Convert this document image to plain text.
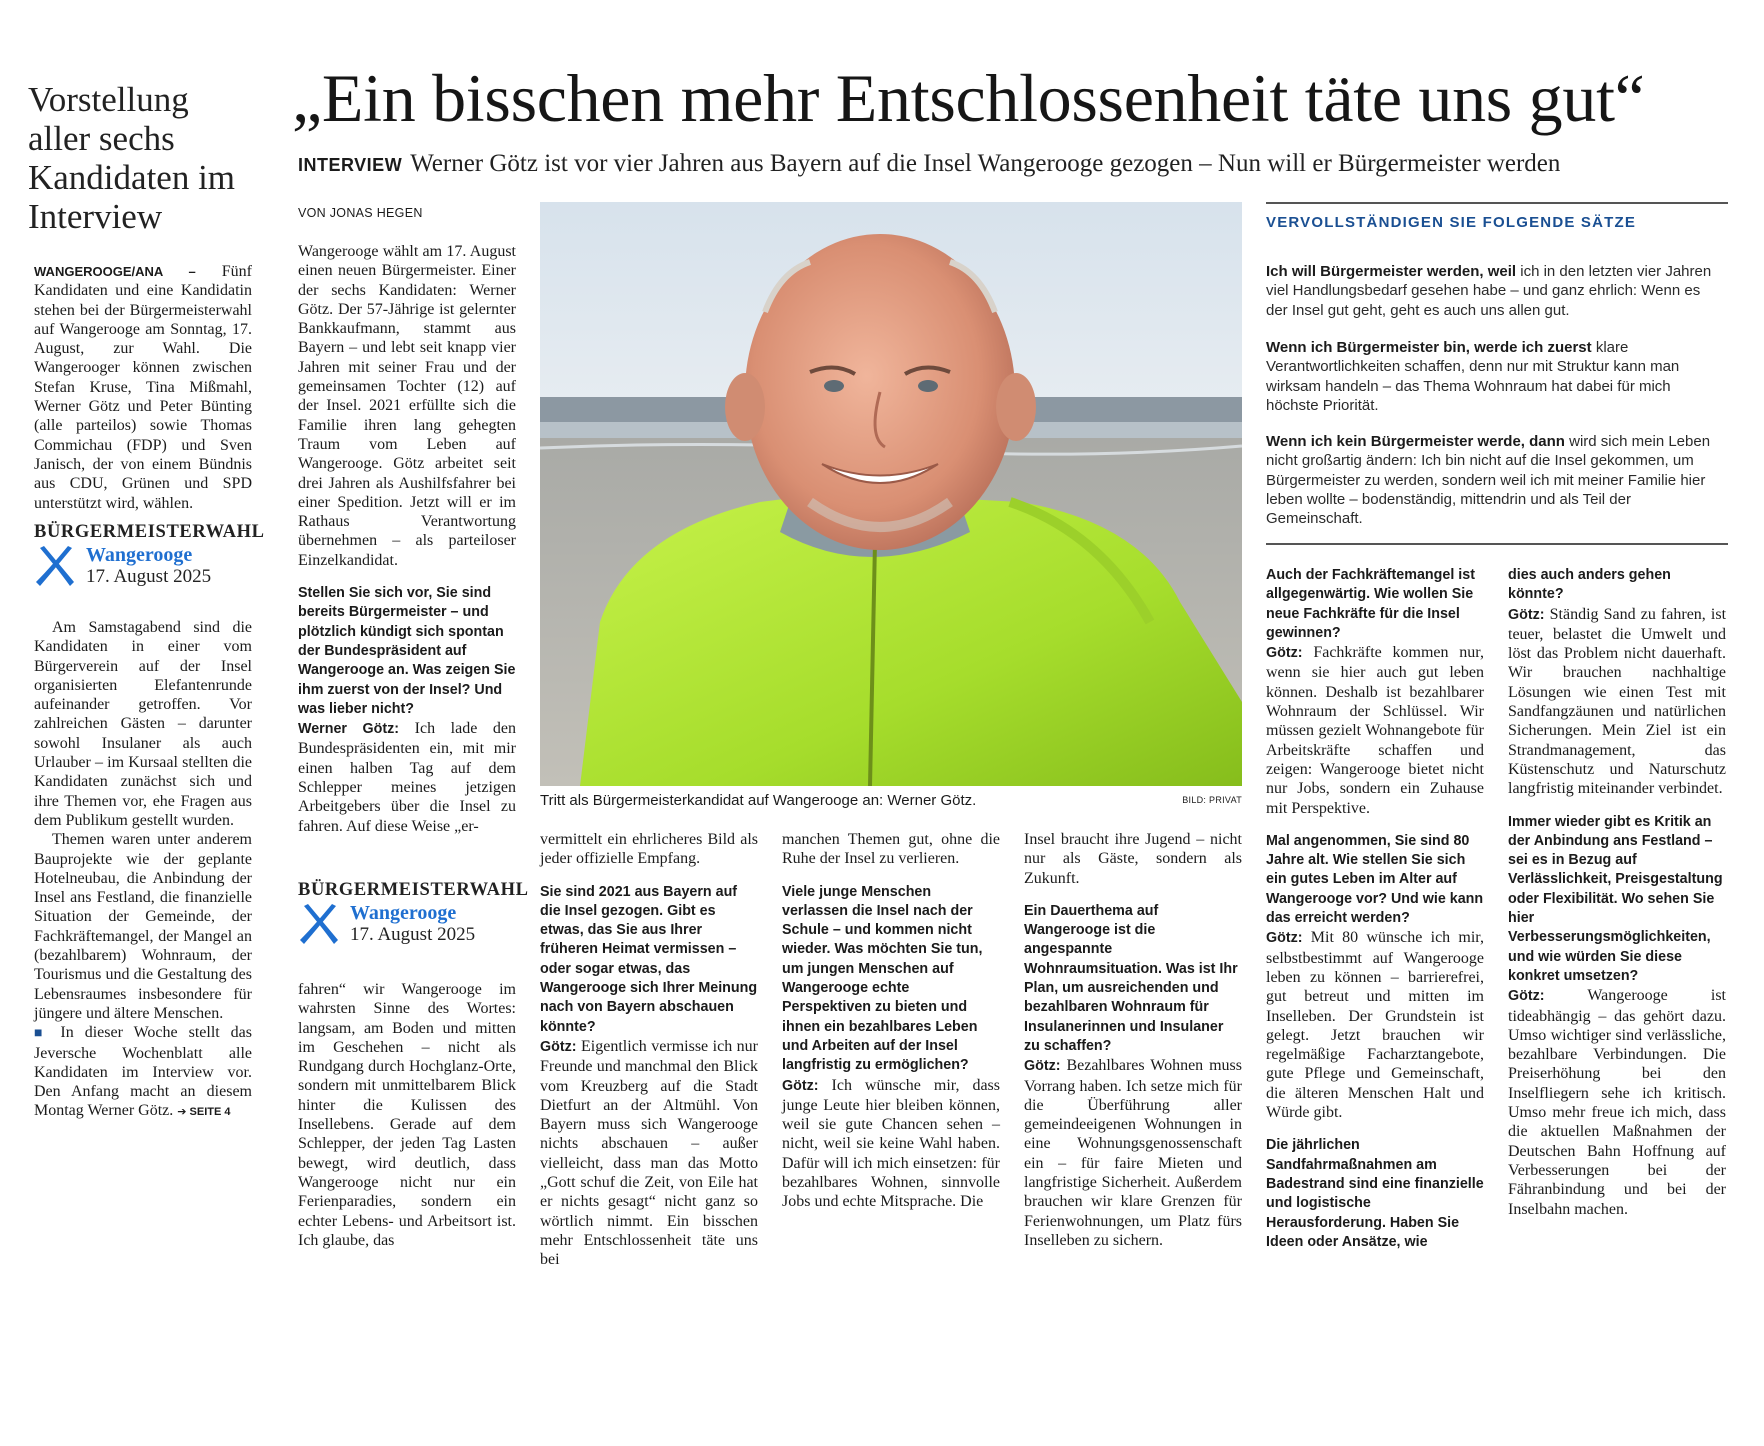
Vorstellung aller sechs Kandidaten im Interview

WANGEROOGE/ANA – Fünf Kandidaten und eine Kandidatin stehen bei der Bürgermeisterwahl auf Wangerooge am Sonntag, 17. August, zur Wahl. Die Wangerooger können zwischen Stefan Kruse, Tina Mißmahl, Werner Götz und Peter Bünting (alle parteilos) sowie Thomas Commichau (FDP) und Sven Janisch, der von einem Bündnis aus CDU, Grünen und SPD unterstützt wird, wählen.

BÜRGERMEISTERWAHL
Wangerooge
17. August 2025

Am Samstagabend sind die Kandidaten in einer vom Bürgerverein auf der Insel organisierten Elefantenrunde aufeinander getroffen. Vor zahlreichen Gästen – darunter sowohl Insulaner als auch Urlauber – im Kursaal stellten die Kandidaten zunächst sich und ihre Themen vor, ehe Fragen aus dem Publikum gestellt wurden.

Themen waren unter anderem Bauprojekte wie der geplante Hotelneubau, die Anbindung der Insel ans Festland, die finanzielle Situation der Gemeinde, der Fachkräftemangel, der Mangel an (bezahlbarem) Wohnraum, der Tourismus und die Gestaltung des Lebensraumes insbesondere für jüngere und ältere Menschen.

■ In dieser Woche stellt das Jeversche Wochenblatt alle Kandidaten im Interview vor. Den Anfang macht an diesem Montag Werner Götz. ➔ SEITE 4

„Ein bisschen mehr Entschlossenheit täte uns gut“
INTERVIEW Werner Götz ist vor vier Jahren aus Bayern auf die Insel Wangerooge gezogen – Nun will er Bürgermeister werden
VON JONAS HEGEN

Wangerooge wählt am 17. August einen neuen Bürgermeister. Einer der sechs Kandidaten: Werner Götz. Der 57-Jährige ist gelernter Bankkaufmann, stammt aus Bayern – und lebt seit knapp vier Jahren mit seiner Frau und der gemeinsamen Tochter (12) auf der Insel. 2021 erfüllte sich die Familie ihren lang gehegten Traum vom Leben auf Wangerooge. Götz arbeitet seit drei Jahren als Aushilfsfahrer bei einer Spedition. Jetzt will er im Rathaus Verantwortung übernehmen – als parteiloser Einzelkandidat.

Stellen Sie sich vor, Sie sind bereits Bürgermeister – und plötzlich kündigt sich spontan der Bundespräsident auf Wangerooge an. Was zeigen Sie ihm zuerst von der Insel? Und was lieber nicht?

Werner Götz: Ich lade den Bundespräsidenten ein, mit mir einen halben Tag auf dem Schlepper meines jetzigen Arbeitgebers über die Insel zu fahren. Auf diese Weise „er-

BÜRGERMEISTERWAHL
Wangerooge
17. August 2025

fahren“ wir Wangerooge im wahrsten Sinne des Wortes: langsam, am Boden und mitten im Geschehen – nicht als Rundgang durch Hochglanz-Orte, sondern mit unmittelbarem Blick hinter die Kulissen des Insellebens. Gerade auf dem Schlepper, der jeden Tag Lasten bewegt, wird deutlich, dass Wangerooge nicht nur ein Ferienparadies, sondern ein echter Lebens- und Arbeitsort ist. Ich glaube, das

Tritt als Bürgermeisterkandidat auf Wangerooge an: Werner Götz.	BILD: PRIVAT

vermittelt ein ehrlicheres Bild als jeder offizielle Empfang.

Sie sind 2021 aus Bayern auf die Insel gezogen. Gibt es etwas, das Sie aus Ihrer früheren Heimat vermissen – oder sogar etwas, das Wangerooge sich Ihrer Meinung nach von Bayern abschauen könnte?

Götz: Eigentlich vermisse ich nur Freunde und manchmal den Blick vom Kreuzberg auf die Stadt Dietfurt an der Altmühl. Von Bayern muss sich Wangerooge nichts abschauen – außer vielleicht, dass man das Motto „Gott schuf die Zeit, von Eile hat er nichts gesagt“ nicht ganz so wörtlich nimmt. Ein bisschen mehr Entschlossenheit täte uns bei

manchen Themen gut, ohne die Ruhe der Insel zu verlieren.

Viele junge Menschen verlassen die Insel nach der Schule – und kommen nicht wieder. Was möchten Sie tun, um jungen Menschen auf Wangerooge echte Perspektiven zu bieten und ihnen ein bezahlbares Leben und Arbeiten auf der Insel langfristig zu ermöglichen?

Götz: Ich wünsche mir, dass junge Leute hier bleiben können, weil sie gute Chancen sehen – nicht, weil sie keine Wahl haben. Dafür will ich mich einsetzen: für bezahlbares Wohnen, sinnvolle Jobs und echte Mitsprache. Die

Insel braucht ihre Jugend – nicht nur als Gäste, sondern als Zukunft.

Ein Dauerthema auf Wangerooge ist die angespannte Wohnraumsituation. Was ist Ihr Plan, um ausreichenden und bezahlbaren Wohnraum für Insulanerinnen und Insulaner zu schaffen?

Götz: Bezahlbares Wohnen muss Vorrang haben. Ich setze mich für die Überführung aller gemeindeeigenen Wohnungen in eine Wohnungsgenossenschaft ein – für faire Mieten und langfristige Sicherheit. Außerdem brauchen wir klare Grenzen für Ferienwohnungen, um Platz fürs Inselleben zu sichern.

VERVOLLSTÄNDIGEN SIE FOLGENDE SÄTZE
Ich will Bürgermeister werden, weil ich in den letzten vier Jahren viel Handlungsbedarf gesehen habe – und ganz ehrlich: Wenn es der Insel gut geht, geht es auch uns allen gut.
Wenn ich Bürgermeister bin, werde ich zuerst klare Verantwortlichkeiten schaffen, denn nur mit Struktur kann man wirksam handeln – das Thema Wohnraum hat dabei für mich höchste Priorität.
Wenn ich kein Bürgermeister werde, dann wird sich mein Leben nicht großartig ändern: Ich bin nicht auf die Insel gekommen, um Bürgermeister zu werden, sondern weil ich mit meiner Familie hier leben wollte – bodenständig, mittendrin und als Teil der Gemeinschaft.

Auch der Fachkräftemangel ist allgegenwärtig. Wie wollen Sie neue Fachkräfte für die Insel gewinnen?

Götz: Fachkräfte kommen nur, wenn sie hier auch gut leben können. Deshalb ist bezahlbarer Wohnraum der Schlüssel. Wir müssen gezielt Wohnangebote für Arbeitskräfte schaffen und zeigen: Wangerooge bietet nicht nur Jobs, sondern ein Zuhause mit Perspektive.

Mal angenommen, Sie sind 80 Jahre alt. Wie stellen Sie sich ein gutes Leben im Alter auf Wangerooge vor? Und wie kann das erreicht werden?

Götz: Mit 80 wünsche ich mir, selbstbestimmt auf Wangerooge leben zu können – barrierefrei, gut betreut und mitten im Inselleben. Der Grundstein ist gelegt. Jetzt brauchen wir regelmäßige Facharztangebote, gute Pflege und Gemeinschaft, die älteren Menschen Halt und Würde gibt.

Die jährlichen Sandfahrmaßnahmen am Badestrand sind eine finanzielle und logistische Herausforderung. Haben Sie Ideen oder Ansätze, wie

dies auch anders gehen könnte?

Götz: Ständig Sand zu fahren, ist teuer, belastet die Umwelt und löst das Problem nicht dauerhaft. Wir brauchen nachhaltige Lösungen wie einen Test mit Sandfangzäunen und natürlichen Sicherungen. Mein Ziel ist ein Strandmanagement, das Küstenschutz und Naturschutz langfristig miteinander verbindet.

Immer wieder gibt es Kritik an der Anbindung ans Festland – sei es in Bezug auf Verlässlichkeit, Preisgestaltung oder Flexibilität. Wo sehen Sie hier Verbesserungsmöglichkeiten, und wie würden Sie diese konkret umsetzen?

Götz:	Wangerooge ist tideabhängig – das gehört dazu. Umso wichtiger sind verlässliche, bezahlbare Verbindungen. Die Preiserhöhung bei den Inselfliegern sehe ich kritisch. Umso mehr freue ich mich, dass die aktuellen Maßnahmen der Deutschen Bahn Hoffnung auf Verbesserungen bei der Fähranbindung und bei der Inselbahn machen.
